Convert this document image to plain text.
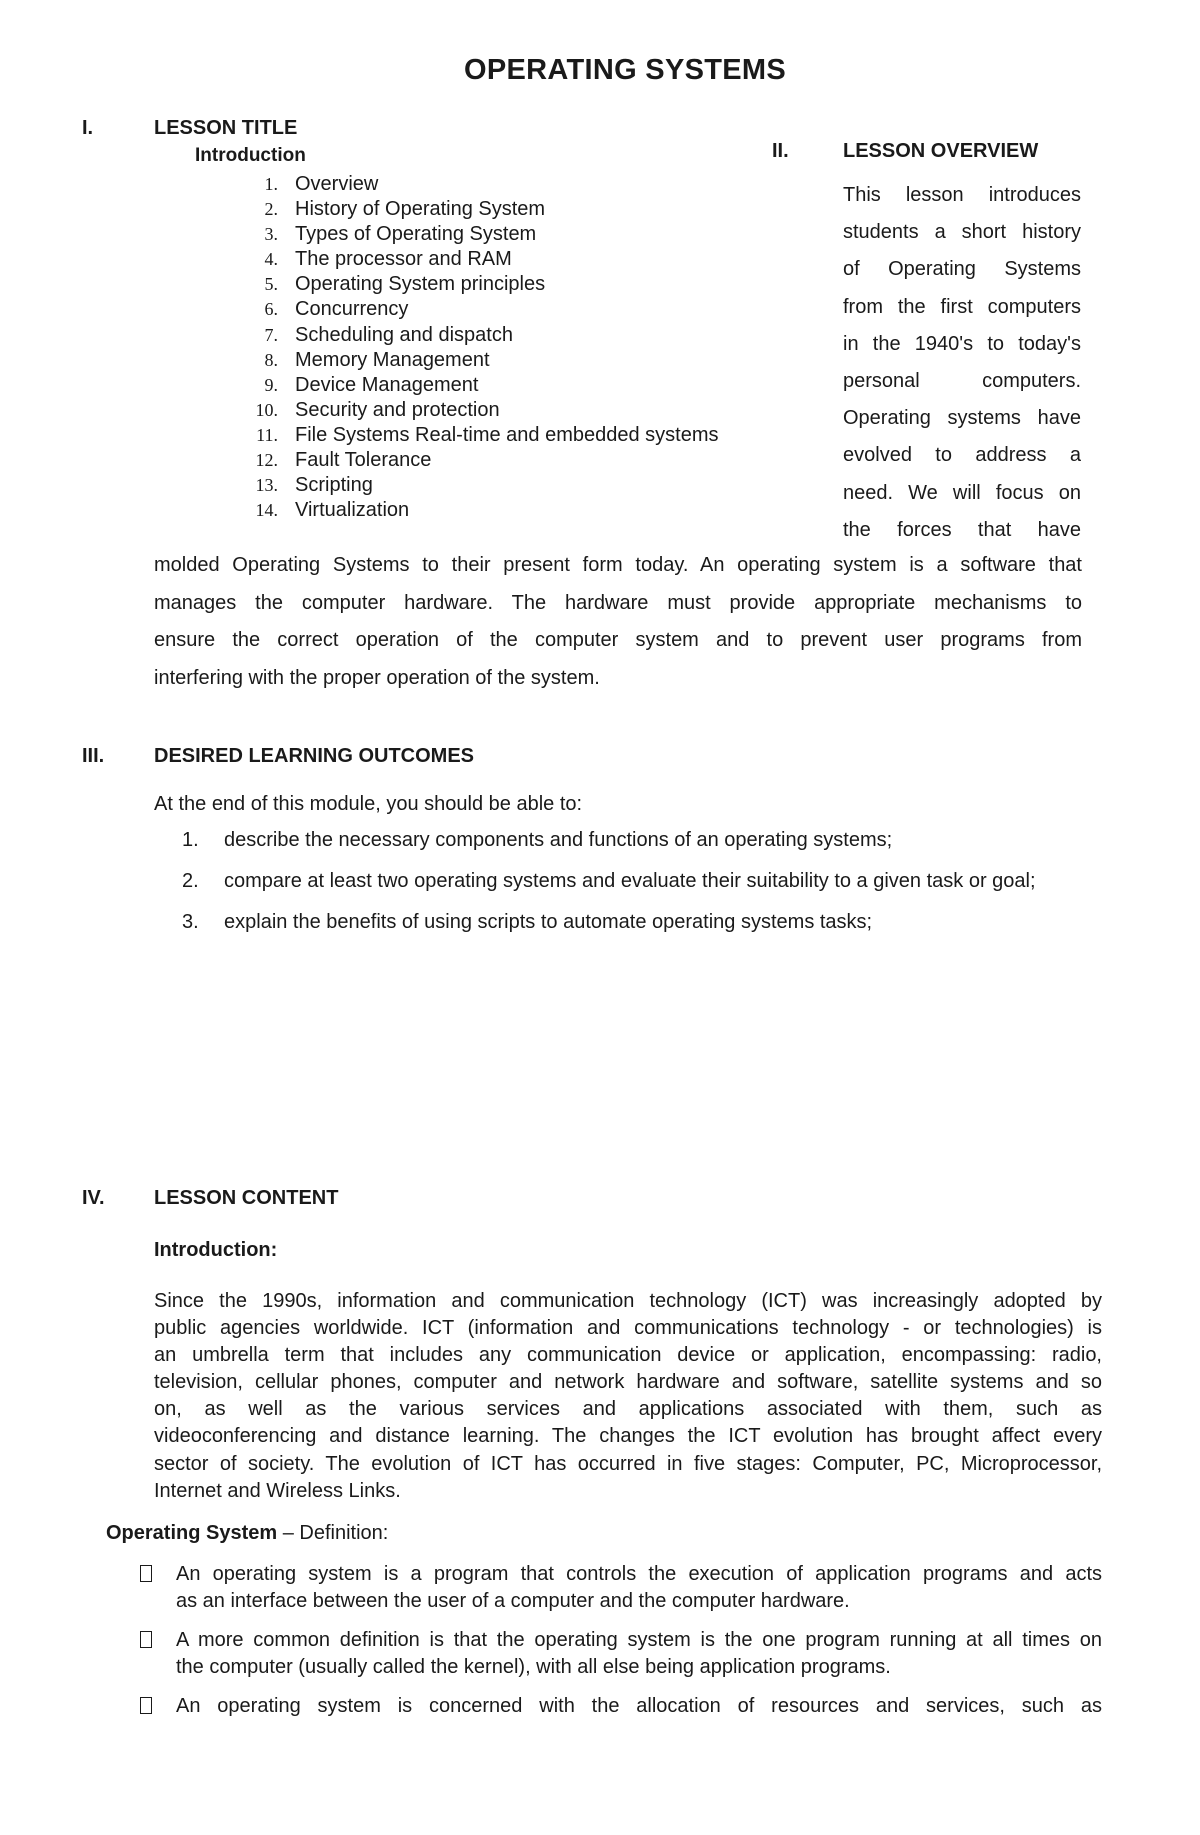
OPERATING SYSTEMS
I.	LESSON TITLE
Introduction
1. Overview
2. History of Operating System
3. Types of Operating System
4. The processor and RAM
5. Operating System principles
6. Concurrency
7. Scheduling and dispatch
8. Memory Management
9. Device Management
10. Security and protection
11. File Systems Real-time and embedded systems
12. Fault Tolerance
13. Scripting
14. Virtualization
II.	LESSON OVERVIEW
This lesson introduces
students a short history
of Operating Systems
from the first computers
in the 1940's to today's
personal computers.
Operating systems have
evolved to address a
need. We will focus on
the forces that have
molded Operating Systems to their present form today. An operating system is a software that
manages the computer hardware. The hardware must provide appropriate mechanisms to
ensure the correct operation of the computer system and to prevent user programs from
interfering with the proper operation of the system.
III. DESIRED LEARNING OUTCOMES
At the end of this module, you should be able to:
1. describe the necessary components and functions of an operating systems;
2. compare at least two operating systems and evaluate their suitability to a given task or goal;
3. explain the benefits of using scripts to automate operating systems tasks;
IV. LESSON CONTENT
Introduction:
Since the 1990s, information and communication technology (ICT) was increasingly adopted by
public agencies worldwide. ICT (information and communications technology - or technologies) is
an umbrella term that includes any communication device or application, encompassing: radio,
television, cellular phones, computer and network hardware and software, satellite systems and so
on, as well as the various services and applications associated with them, such as
videoconferencing and distance learning. The changes the ICT evolution has brought affect every
sector of society. The evolution of ICT has occurred in five stages: Computer, PC, Microprocessor,
Internet and Wireless Links.
Operating System – Definition:
An operating system is a program that controls the execution of application programs and acts
as an interface between the user of a computer and the computer hardware.
A more common definition is that the operating system is the one program running at all times on
the computer (usually called the kernel), with all else being application programs.
An operating system is concerned with the allocation of resources and services, such as
